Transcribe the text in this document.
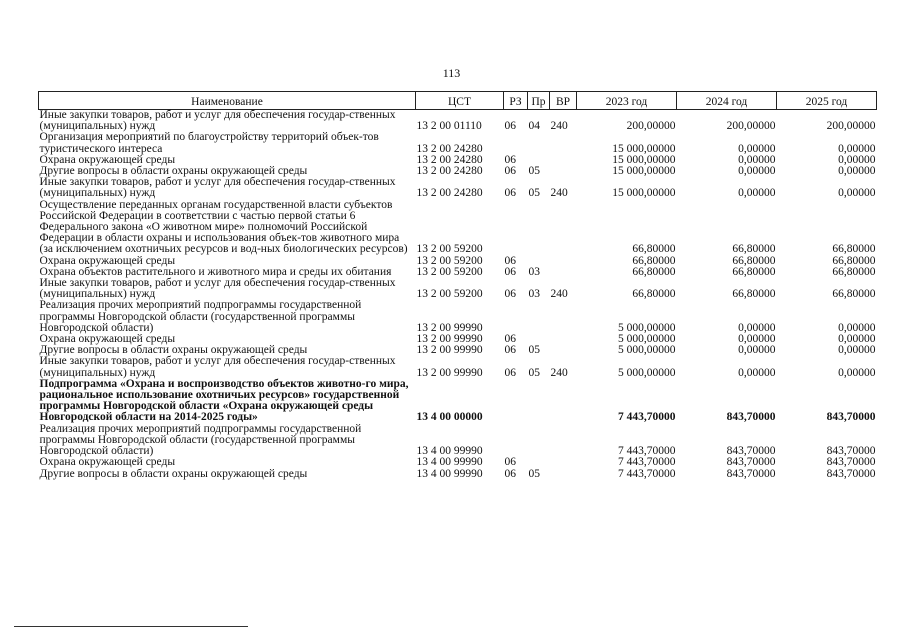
113
Наименование	ЦСТ	РЗ	Пр	ВР	2023 год	2024 год	2025 год
Иные закупки товаров, работ и услуг для обеспечения государ-ственных (муниципальных) нужд	13 2 00 01110	06	04	240	200,00000	200,00000	200,00000
Организация мероприятий по благоустройству территорий объек-тов туристического интереса	13 2 00 24280				15 000,00000	0,00000	0,00000
Охрана окружающей среды	13 2 00 24280	06			15 000,00000	0,00000	0,00000
Другие вопросы в области охраны окружающей среды	13 2 00 24280	06	05		15 000,00000	0,00000	0,00000
Иные закупки товаров, работ и услуг для обеспечения государ-ственных (муниципальных) нужд	13 2 00 24280	06	05	240	15 000,00000	0,00000	0,00000
Осуществление переданных органам государственной власти субъектов Российской Федерации в соответствии с частью первой статьи 6 Федерального закона «О животном мире» полномочий Российской Федерации в области охраны и использования объек-тов животного мира (за исключением охотничьих ресурсов и вод-ных биологических ресурсов)	13 2 00 59200				66,80000	66,80000	66,80000
Охрана окружающей среды	13 2 00 59200	06			66,80000	66,80000	66,80000
Охрана объектов растительного и животного мира и среды их обитания	13 2 00 59200	06	03		66,80000	66,80000	66,80000
Иные закупки товаров, работ и услуг для обеспечения государ-ственных (муниципальных) нужд	13 2 00 59200	06	03	240	66,80000	66,80000	66,80000
Реализация прочих мероприятий подпрограммы государственной программы Новгородской области (государственной программы Новгородской области)	13 2 00 99990				5 000,00000	0,00000	0,00000
Охрана окружающей среды	13 2 00 99990	06			5 000,00000	0,00000	0,00000
Другие вопросы в области охраны окружающей среды	13 2 00 99990	06	05		5 000,00000	0,00000	0,00000
Иные закупки товаров, работ и услуг для обеспечения государ-ственных (муниципальных) нужд	13 2 00 99990	06	05	240	5 000,00000	0,00000	0,00000
Подпрограмма «Охрана и воспроизводство объектов животно-го мира, рациональное использование охотничьих ресурсов» государственной программы Новгородской области «Охрана окружающей среды Новгородской области на 2014-2025 годы»	13 4 00 00000				7 443,70000	843,70000	843,70000
Реализация прочих мероприятий подпрограммы государственной программы Новгородской области (государственной программы Новгородской области)	13 4 00 99990				7 443,70000	843,70000	843,70000
Охрана окружающей среды	13 4 00 99990	06			7 443,70000	843,70000	843,70000
Другие вопросы в области охраны окружающей среды	13 4 00 99990	06	05		7 443,70000	843,70000	843,70000
